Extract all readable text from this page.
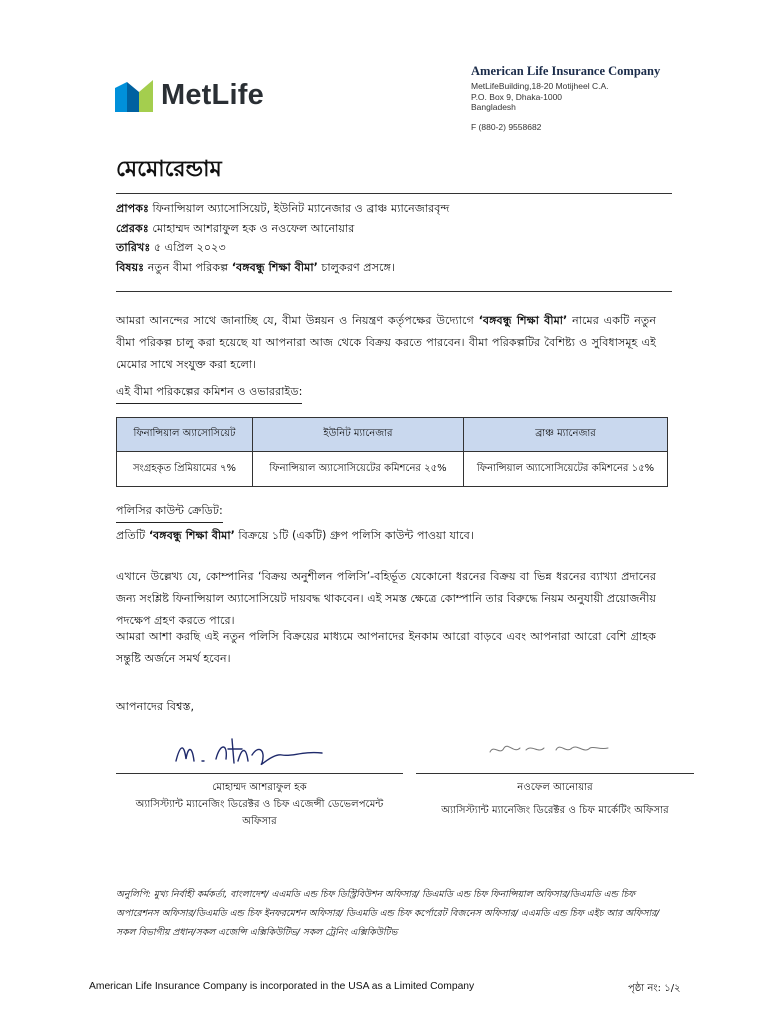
MetLife
American Life Insurance Company
MetLifeBuilding,18-20 Motijheel C.A.
P.O. Box 9, Dhaka-1000
Bangladesh
F (880-2) 9558682
মেমোরেন্ডাম
প্রাপকঃ ফিনান্সিয়াল অ্যাসোসিয়েট, ইউনিট ম্যানেজার ও ব্রাঞ্চ ম্যানেজারবৃন্দ
প্রেরকঃ মোহাম্মদ আশরাফুল হক ও নওফেল আনোয়ার
তারিখঃ ৫ এপ্রিল ২০২৩
বিষয়ঃ নতুন বীমা পরিকল্প ‘বঙ্গবন্ধু শিক্ষা বীমা’ চালুকরণ প্রসঙ্গে।
আমরা আনন্দের সাথে জানাচ্ছি যে, বীমা উন্নয়ন ও নিয়ন্ত্রণ কর্তৃপক্ষের উদ্যোগে ‘বঙ্গবন্ধু শিক্ষা বীমা’ নামের একটি নতুন বীমা পরিকল্প চালু করা হয়েছে যা আপনারা আজ থেকে বিক্রয় করতে পারবেন। বীমা পরিকল্পটির বৈশিষ্ট্য ও সুবিধাসমূহ এই মেমোর সাথে সংযুক্ত করা হলো।
এই বীমা পরিকল্পের কমিশন ও ওভাররাইড:
ফিনান্সিয়াল অ্যাসোসিয়েট	ইউনিট ম্যানেজার	ব্রাঞ্চ ম্যানেজার
সংগ্রহকৃত প্রিমিয়ামের ৭%	ফিনান্সিয়াল অ্যাসোসিয়েটের কমিশনের ২৫%	ফিনান্সিয়াল অ্যাসোসিয়েটের কমিশনের ১৫%
পলিসির কাউন্ট ক্রেডিট:
প্রতিটি ‘বঙ্গবন্ধু শিক্ষা বীমা’ বিক্রয়ে ১টি (একটি) গ্রুপ পলিসি কাউন্ট পাওয়া যাবে।
এখানে উল্লেখ্য যে, কোম্পানির ‘বিক্রয় অনুশীলন পলিসি’-বহির্ভূত যেকোনো ধরনের বিক্রয় বা ভিন্ন ধরনের ব্যাখ্যা প্রদানের জন্য সংশ্লিষ্ট ফিনান্সিয়াল অ্যাসোসিয়েট দায়বদ্ধ থাকবেন। এই সমস্ত ক্ষেত্রে কোম্পানি তার বিরুদ্ধে নিয়ম অনুযায়ী প্রয়োজনীয় পদক্ষেপ গ্রহণ করতে পারে।
আমরা আশা করছি এই নতুন পলিসি বিক্রয়ের মাধ্যমে আপনাদের ইনকাম আরো বাড়বে এবং আপনারা আরো বেশি গ্রাহক সন্তুষ্টি অর্জনে সমর্থ হবেন।
আপনাদের বিশ্বস্ত,
মোহাম্মদ আশরাফুল হক
অ্যাসিস্ট্যান্ট ম্যানেজিং ডিরেক্টর ও চিফ এজেন্সী ডেভেলপমেন্ট অফিসার
নওফেল আনোয়ার
অ্যাসিস্ট্যান্ট ম্যানেজিং ডিরেক্টর ও চিফ মার্কেটিং অফিসার
অনুলিপি: মুখ্য নির্বাহী কর্মকর্তা, বাংলাদেশ/ এএমডি এন্ড চিফ ডিস্ট্রিবিউশন অফিসার/ ডিএমডি এন্ড চিফ ফিনান্সিয়াল অফিসার/ডিএমডি এন্ড চিফ অপারেশনস অফিসার/ডিএমডি এন্ড চিফ ইনফরমেশন অফিসার/ ডিএমডি এন্ড চিফ কর্পোরেট বিজনেস অফিসার/ এএমডি এন্ড চিফ এইচ আর অফিসার/ সকল বিভাগীয় প্রধান/সকল এজেন্সি এক্সিকিউটিভ/ সকল ট্রেনিং এক্সিকিউটিভ
American Life Insurance Company is incorporated in the USA as a Limited Company	পৃষ্ঠা নং: ১/২
